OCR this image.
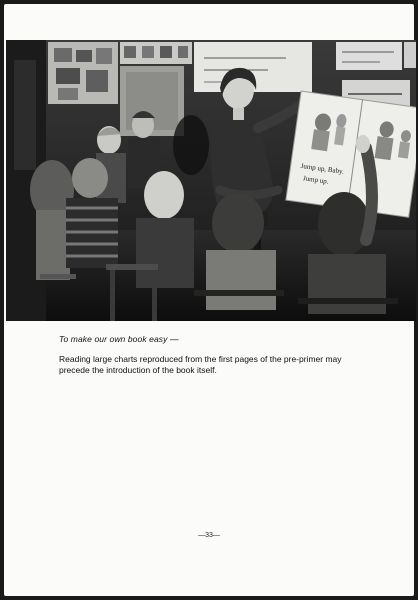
Jump up, Baby.
Jump up.
To make our own book easy —
Reading large charts reproduced from the first pages of the pre-primer may precede the introduction of the book itself.
—33—
